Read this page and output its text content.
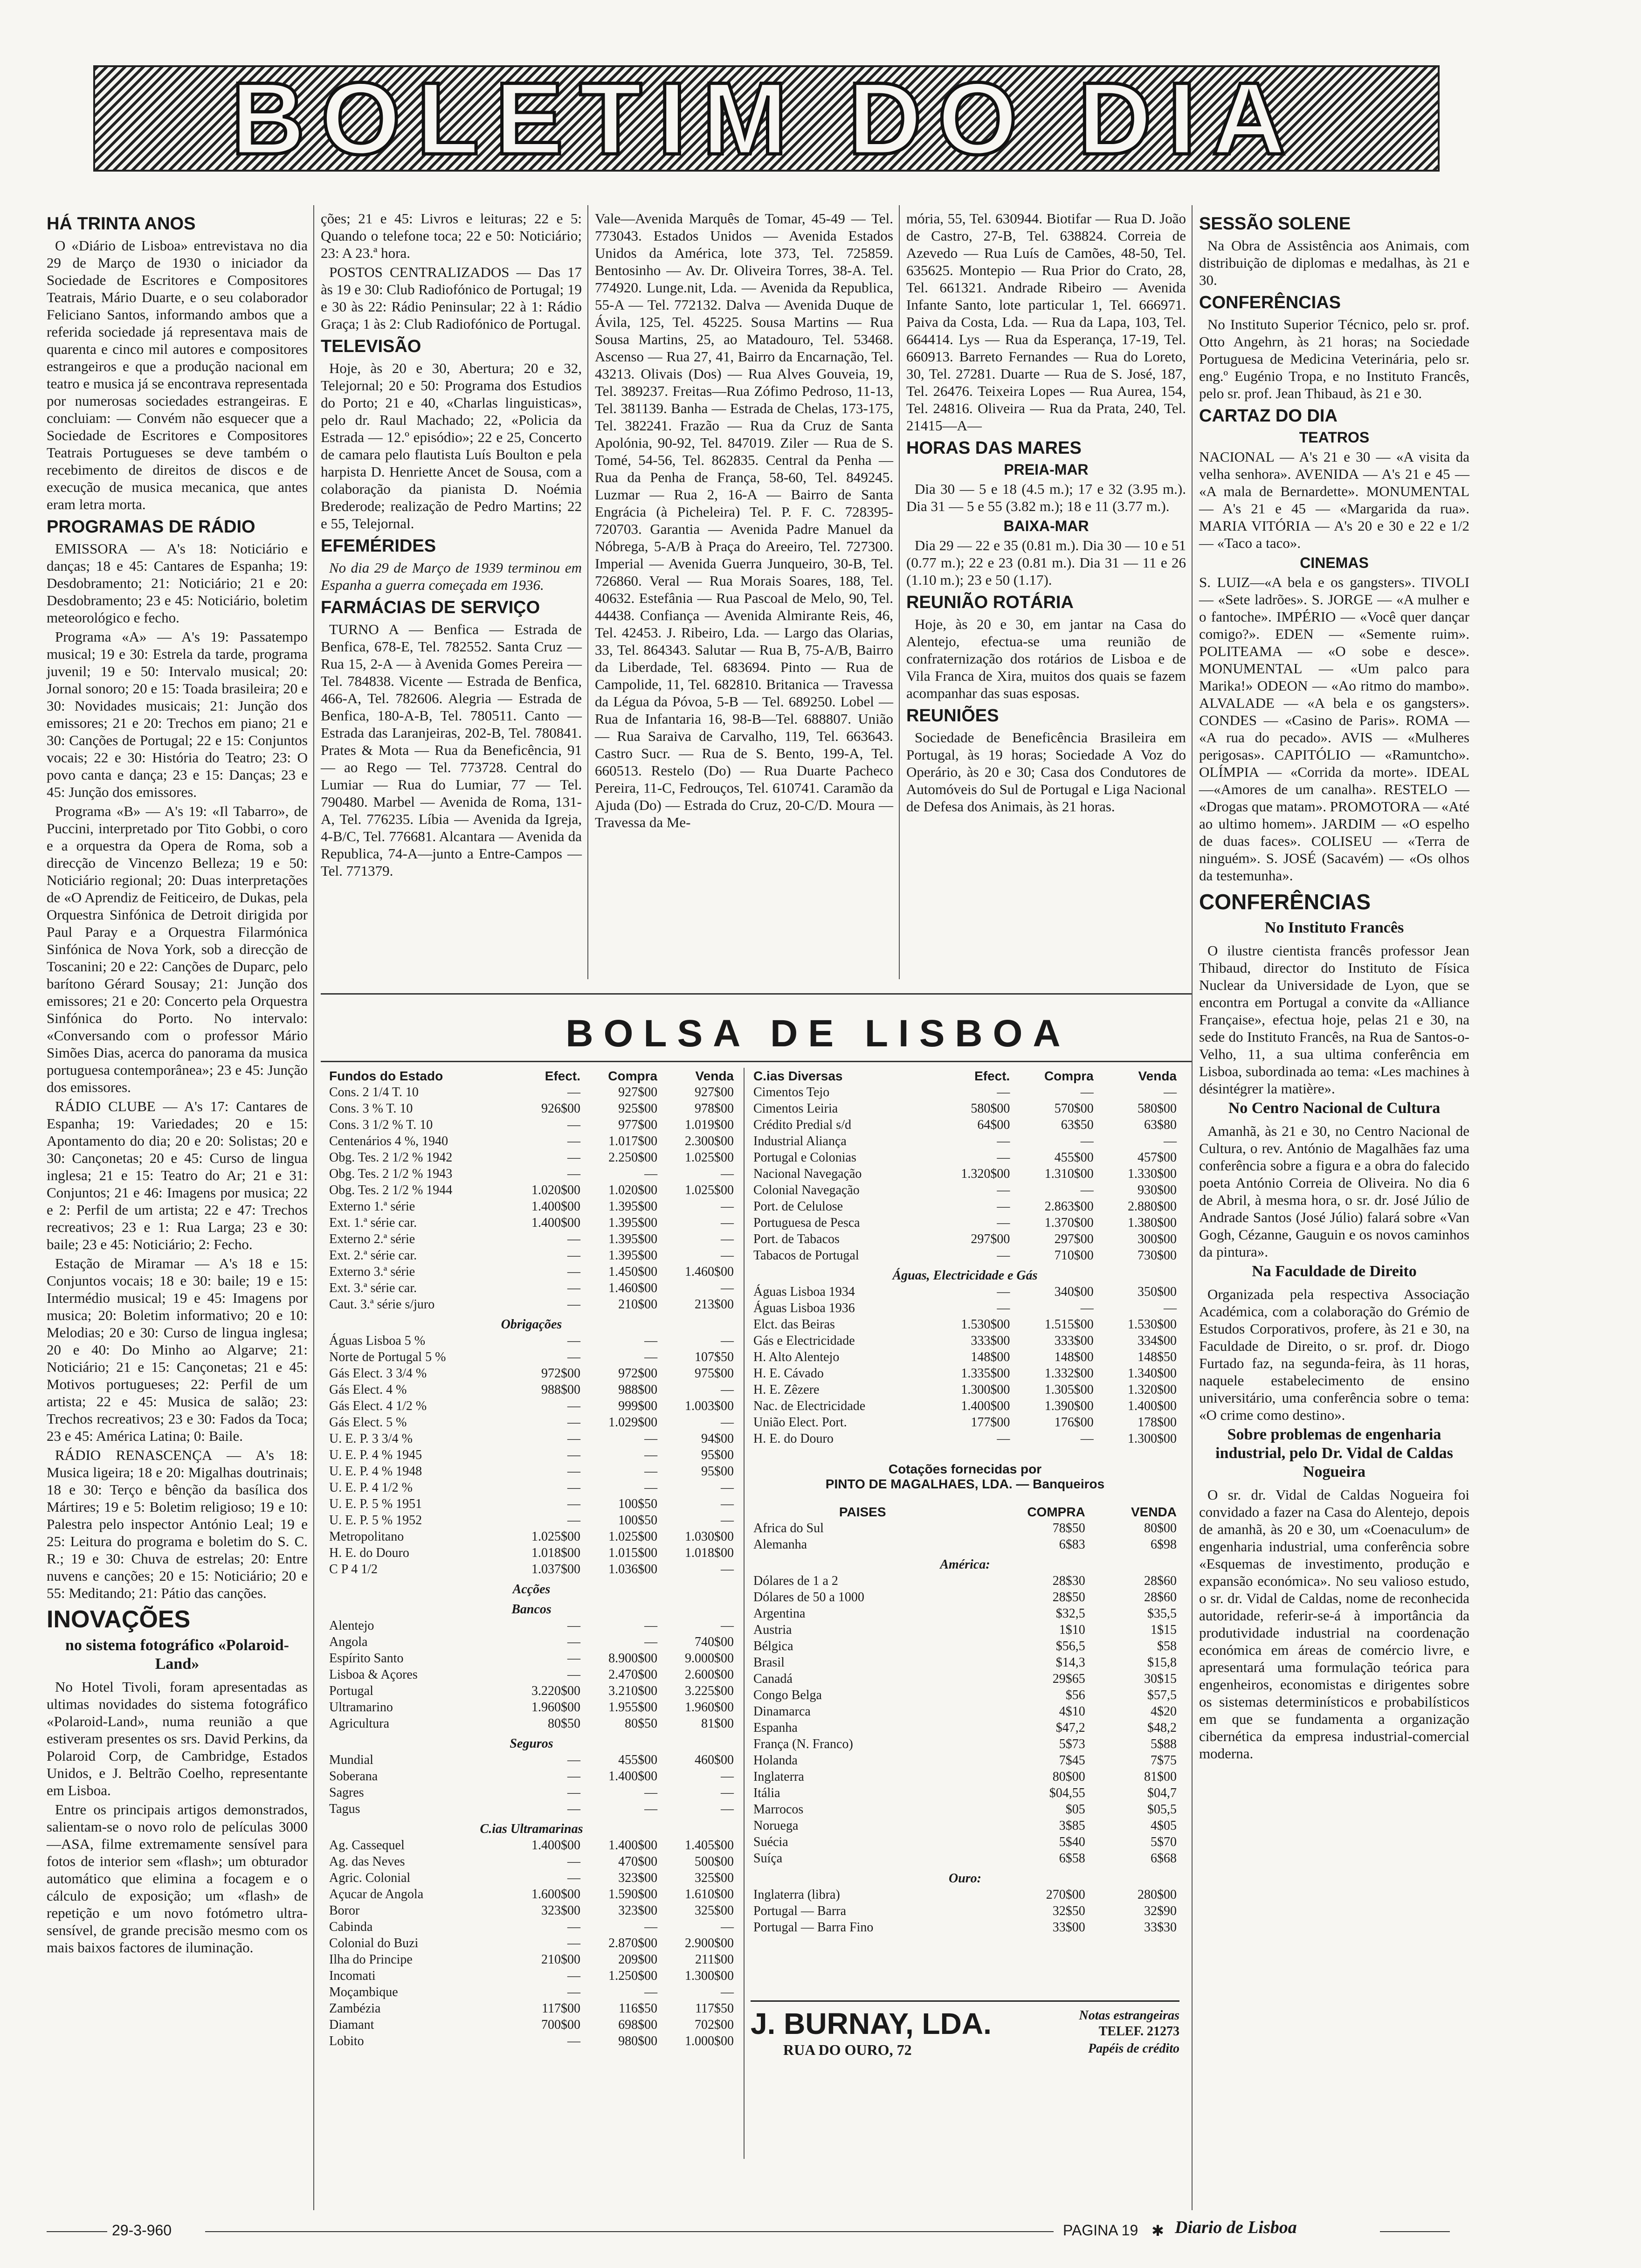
BOLETIM DO DIA
HÁ TRINTA ANOS

O «Diário de Lisboa» entrevistava no dia 29 de Março de 1930 o iniciador da Sociedade de Escritores e Compositores Teatrais, Mário Duarte, e o seu colaborador Feliciano Santos, informando ambos que a referida sociedade já representava mais de quarenta e cinco mil autores e compositores estrangeiros e que a produção nacional em teatro e musica já se encontrava representada por numerosas sociedades estrangeiras. E concluiam: — Convém não esquecer que a Sociedade de Escritores e Compositores Teatrais Portugueses se deve também o recebimento de direitos de discos e de execução de musica mecanica, que antes eram letra morta.

PROGRAMAS DE RÁDIO

EMISSORA — A's 18: Noticiário e danças; 18 e 45: Cantares de Espanha; 19: Desdobramento; 21: Noticiário; 21 e 20: Desdobramento; 23 e 45: Noticiário, boletim meteorológico e fecho.

Programa «A» — A's 19: Passatempo musical; 19 e 30: Estrela da tarde, programa juvenil; 19 e 50: Intervalo musical; 20: Jornal sonoro; 20 e 15: Toada brasileira; 20 e 30: Novidades musicais; 21: Junção dos emissores; 21 e 20: Trechos em piano; 21 e 30: Canções de Portugal; 22 e 15: Conjuntos vocais; 22 e 30: História do Teatro; 23: O povo canta e dança; 23 e 15: Danças; 23 e 45: Junção dos emissores.

Programa «B» — A's 19: «Il Tabarro», de Puccini, interpretado por Tito Gobbi, o coro e a orquestra da Opera de Roma, sob a direcção de Vincenzo Belleza; 19 e 50: Noticiário regional; 20: Duas interpretações de «O Aprendiz de Feiticeiro, de Dukas, pela Orquestra Sinfónica de Detroit dirigida por Paul Paray e a Orquestra Filarmónica Sinfónica de Nova York, sob a direcção de Toscanini; 20 e 22: Canções de Duparc, pelo barítono Gérard Sousay; 21: Junção dos emissores; 21 e 20: Concerto pela Orquestra Sinfónica do Porto. No intervalo: «Conversando com o professor Mário Simões Dias, acerca do panorama da musica portuguesa contemporânea»; 23 e 45: Junção dos emissores.

RÁDIO CLUBE — A's 17: Cantares de Espanha; 19: Variedades; 20 e 15: Apontamento do dia; 20 e 20: Solistas; 20 e 30: Cançonetas; 20 e 45: Curso de lingua inglesa; 21 e 15: Teatro do Ar; 21 e 31: Conjuntos; 21 e 46: Imagens por musica; 22 e 2: Perfil de um artista; 22 e 47: Trechos recreativos; 23 e 1: Rua Larga; 23 e 30: baile; 23 e 45: Noticiário; 2: Fecho.

Estação de Miramar — A's 18 e 15: Conjuntos vocais; 18 e 30: baile; 19 e 15: Intermédio musical; 19 e 45: Imagens por musica; 20: Boletim informativo; 20 e 10: Melodias; 20 e 30: Curso de lingua inglesa; 20 e 40: Do Minho ao Algarve; 21: Noticiário; 21 e 15: Cançonetas; 21 e 45: Motivos portugueses; 22: Perfil de um artista; 22 e 45: Musica de salão; 23: Trechos recreativos; 23 e 30: Fados da Toca; 23 e 45: América Latina; 0: Baile.

RÁDIO RENASCENÇA — A's 18: Musica ligeira; 18 e 20: Migalhas doutrinais; 18 e 30: Terço e bênção da basílica dos Mártires; 19 e 5: Boletim religioso; 19 e 10: Palestra pelo inspector António Leal; 19 e 25: Leitura do programa e boletim do S. C. R.; 19 e 30: Chuva de estrelas; 20: Entre nuvens e canções; 20 e 15: Noticiário; 20 e 55: Meditando; 21: Pátio das canções.

INOVAÇÕES
no sistema fotográfico «Polaroid-Land»

No Hotel Tivoli, foram apresentadas as ultimas novidades do sistema fotográfico «Polaroid-Land», numa reunião a que estiveram presentes os srs. David Perkins, da Polaroid Corp, de Cambridge, Estados Unidos, e J. Beltrão Coelho, representante em Lisboa.

Entre os principais artigos demonstrados, salientam-se o novo rolo de películas 3000—ASA, filme extremamente sensível para fotos de interior sem «flash»; um obturador automático que elimina a focagem e o cálculo de exposição; um «flash» de repetição e um novo fotómetro ultra-sensível, de grande precisão mesmo com os mais baixos factores de iluminação.

ções; 21 e 45: Livros e leituras; 22 e 5: Quando o telefone toca; 22 e 50: Noticiário; 23: A 23.ª hora.

POSTOS CENTRALIZADOS — Das 17 às 19 e 30: Club Radiofónico de Portugal; 19 e 30 às 22: Rádio Peninsular; 22 à 1: Rádio Graça; 1 às 2: Club Radiofónico de Portugal.

TELEVISÃO

Hoje, às 20 e 30, Abertura; 20 e 32, Telejornal; 20 e 50: Programa dos Estudios do Porto; 21 e 40, «Charlas linguisticas», pelo dr. Raul Machado; 22, «Policia da Estrada — 12.º episódio»; 22 e 25, Concerto de camara pelo flautista Luís Boulton e pela harpista D. Henriette Ancet de Sousa, com a colaboração da pianista D. Noémia Brederode; realização de Pedro Martins; 22 e 55, Telejornal.

EFEMÉRIDES

No dia 29 de Março de 1939 terminou em Espanha a guerra começada em 1936.

FARMÁCIAS DE SERVIÇO

TURNO A — Benfica — Estrada de Benfica, 678-E, Tel. 782552. Santa Cruz — Rua 15, 2-A — à Avenida Gomes Pereira — Tel. 784838. Vicente — Estrada de Benfica, 466-A, Tel. 782606. Alegria — Estrada de Benfica, 180-A-B, Tel. 780511. Canto — Estrada das Laranjeiras, 202-B, Tel. 780841. Prates & Mota — Rua da Beneficência, 91 — ao Rego — Tel. 773728. Central do Lumiar — Rua do Lumiar, 77 — Tel. 790480. Marbel — Avenida de Roma, 131-A, Tel. 776235. Líbia — Avenida da Igreja, 4-B/C, Tel. 776681. Alcantara — Avenida da Republica, 74-A—junto a Entre-Campos — Tel. 771379.

Vale—Avenida Marquês de Tomar, 45-49 — Tel. 773043. Estados Unidos — Avenida Estados Unidos da América, lote 373, Tel. 725859. Bentosinho — Av. Dr. Oliveira Torres, 38-A. Tel. 774920. Lunge.nit, Lda. — Avenida da Republica, 55-A — Tel. 772132. Dalva — Avenida Duque de Ávila, 125, Tel. 45225. Sousa Martins — Rua Sousa Martins, 25, ao Matadouro, Tel. 53468. Ascenso — Rua 27, 41, Bairro da Encarnação, Tel. 43213. Olivais (Dos) — Rua Alves Gouveia, 19, Tel. 389237. Freitas—Rua Zófimo Pedroso, 11-13, Tel. 381139. Banha — Estrada de Chelas, 173-175, Tel. 382241. Frazão — Rua da Cruz de Santa Apolónia, 90-92, Tel. 847019. Ziler — Rua de S. Tomé, 54-56, Tel. 862835. Central da Penha — Rua da Penha de França, 58-60, Tel. 849245. Luzmar — Rua 2, 16-A — Bairro de Santa Engrácia (à Picheleira) Tel. P. F. C. 728395-720703. Garantia — Avenida Padre Manuel da Nóbrega, 5-A/B à Praça do Areeiro, Tel. 727300. Imperial — Avenida Guerra Junqueiro, 30-B, Tel. 726860. Veral — Rua Morais Soares, 188, Tel. 40632. Estefânia — Rua Pascoal de Melo, 90, Tel. 44438. Confiança — Avenida Almirante Reis, 46, Tel. 42453. J. Ribeiro, Lda. — Largo das Olarias, 33, Tel. 864343. Salutar — Rua B, 75-A/B, Bairro da Liberdade, Tel. 683694. Pinto — Rua de Campolide, 11, Tel. 682810. Britanica — Travessa da Légua da Póvoa, 5-B — Tel. 689250. Lobel — Rua de Infantaria 16, 98-B—Tel. 688807. União — Rua Saraiva de Carvalho, 119, Tel. 663643. Castro Sucr. — Rua de S. Bento, 199-A, Tel. 660513. Restelo (Do) — Rua Duarte Pacheco Pereira, 11-C, Fedrouços, Tel. 610741. Caramão da Ajuda (Do) — Estrada do Cruz, 20-C/D. Moura — Travessa da Me-

mória, 55, Tel. 630944. Biotifar — Rua D. João de Castro, 27-B, Tel. 638824. Correia de Azevedo — Rua Luís de Camões, 48-50, Tel. 635625. Montepio — Rua Prior do Crato, 28, Tel. 661321. Andrade Ribeiro — Avenida Infante Santo, lote particular 1, Tel. 666971. Paiva da Costa, Lda. — Rua da Lapa, 103, Tel. 664414. Lys — Rua da Esperança, 17-19, Tel. 660913. Barreto Fernandes — Rua do Loreto, 30, Tel. 27281. Duarte — Rua de S. José, 187, Tel. 26476. Teixeira Lopes — Rua Aurea, 154, Tel. 24816. Oliveira — Rua da Prata, 240, Tel. 21415—A—

HORAS DAS MARES
PREIA-MAR

Dia 30 — 5 e 18 (4.5 m.); 17 e 32 (3.95 m.). Dia 31 — 5 e 55 (3.82 m.); 18 e 11 (3.77 m.).

BAIXA-MAR

Dia 29 — 22 e 35 (0.81 m.). Dia 30 — 10 e 51 (0.77 m.); 22 e 23 (0.81 m.). Dia 31 — 11 e 26 (1.10 m.); 23 e 50 (1.17).

REUNIÃO ROTÁRIA

Hoje, às 20 e 30, em jantar na Casa do Alentejo, efectua-se uma reunião de confraternização dos rotários de Lisboa e de Vila Franca de Xira, muitos dos quais se fazem acompanhar das suas esposas.

REUNIÕES

Sociedade de Beneficência Brasileira em Portugal, às 19 horas; Sociedade A Voz do Operário, às 20 e 30; Casa dos Condutores de Automóveis do Sul de Portugal e Liga Nacional de Defesa dos Animais, às 21 horas.

SESSÃO SOLENE

Na Obra de Assistência aos Animais, com distribuição de diplomas e medalhas, às 21 e 30.

CONFERÊNCIAS

No Instituto Superior Técnico, pelo sr. prof. Otto Angehrn, às 21 horas; na Sociedade Portuguesa de Medicina Veterinária, pelo sr. eng.º Eugénio Tropa, e no Instituto Francês, pelo sr. prof. Jean Thibaud, às 21 e 30.

CARTAZ DO DIA
TEATROS

NACIONAL — A's 21 e 30 — «A visita da velha senhora». AVENIDA — A's 21 e 45 — «A mala de Bernardette». MONUMENTAL — A's 21 e 45 — «Margarida da rua». MARIA VITÓRIA — A's 20 e 30 e 22 e 1/2 — «Taco a taco».

CINEMAS

S. LUIZ—«A bela e os gangsters». TIVOLI — «Sete ladrões». S. JORGE — «A mulher e o fantoche». IMPÉRIO — «Você quer dançar comigo?». EDEN — «Semente ruim». POLITEAMA — «O sobe e desce». MONUMENTAL — «Um palco para Marika!» ODEON — «Ao ritmo do mambo». ALVALADE — «A bela e os gangsters». CONDES — «Casino de Paris». ROMA — «A rua do pecado». AVIS — «Mulheres perigosas». CAPITÓLIO — «Ramuntcho». OLÍMPIA — «Corrida da morte». IDEAL—«Amores de um canalha». RESTELO — «Drogas que matam». PROMOTORA — «Até ao ultimo homem». JARDIM — «O espelho de duas faces». COLISEU — «Terra de ninguém». S. JOSÉ (Sacavém) — «Os olhos da testemunha».

CONFERÊNCIAS
No Instituto Francês

O ilustre cientista francês professor Jean Thibaud, director do Instituto de Física Nuclear da Universidade de Lyon, que se encontra em Portugal a convite da «Alliance Française», efectua hoje, pelas 21 e 30, na sede do Instituto Francês, na Rua de Santos-o-Velho, 11, a sua ultima conferência em Lisboa, subordinada ao tema: «Les machines à désintégrer la matière».

No Centro Nacional de Cultura

Amanhã, às 21 e 30, no Centro Nacional de Cultura, o rev. António de Magalhães faz uma conferência sobre a figura e a obra do falecido poeta António Correia de Oliveira. No dia 6 de Abril, à mesma hora, o sr. dr. José Júlio de Andrade Santos (José Júlio) falará sobre «Van Gogh, Cézanne, Gauguin e os novos caminhos da pintura».

Na Faculdade de Direito

Organizada pela respectiva Associação Académica, com a colaboração do Grémio de Estudos Corporativos, profere, às 21 e 30, na Faculdade de Direito, o sr. prof. dr. Diogo Furtado faz, na segunda-feira, às 11 horas, naquele estabelecimento de ensino universitário, uma conferência sobre o tema: «O crime como destino».

Sobre problemas de engenharia industrial, pelo Dr. Vidal de Caldas Nogueira

O sr. dr. Vidal de Caldas Nogueira foi convidado a fazer na Casa do Alentejo, depois de amanhã, às 20 e 30, um «Coenaculum» de engenharia industrial, uma conferência sobre «Esquemas de investimento, produção e expansão económica». No seu valioso estudo, o sr. dr. Vidal de Caldas, nome de reconhecida autoridade, referir-se-á à importância da produtividade industrial na coordenação económica em áreas de comércio livre, e apresentará uma formulação teórica para engenheiros, economistas e dirigentes sobre os sistemas determinísticos e probabilísticos em que se fundamenta a organização cibernética da empresa industrial-comercial moderna.

BOLSA DE LISBOA
Fundos do Estado	Efect.	Compra	Venda
Cons. 2 1/4 T. 10	—	927$00	927$00
Cons. 3 % T. 10	926$00	925$00	978$00
Cons. 3 1/2 % T. 10	—	977$00	1.019$00
Centenários 4 %, 1940	—	1.017$00	2.300$00
Obg. Tes. 2 1/2 % 1942	—	2.250$00	1.025$00
Obg. Tes. 2 1/2 % 1943	—	—	—
Obg. Tes. 2 1/2 % 1944	1.020$00	1.020$00	1.025$00
Externo 1.ª série	1.400$00	1.395$00	—
Ext. 1.ª série car.	1.400$00	1.395$00	—
Externo 2.ª série	—	1.395$00	—
Ext. 2.ª série car.	—	1.395$00	—
Externo 3.ª série	—	1.450$00	1.460$00
Ext. 3.ª série car.	—	1.460$00	—
Caut. 3.ª série s/juro	—	210$00	213$00
Obrigações			
Águas Lisboa 5 %	—	—	—
Norte de Portugal 5 %	—	—	107$50
Gás Elect. 3 3/4 %	972$00	972$00	975$00
Gás Elect. 4 %	988$00	988$00	—
Gás Elect. 4 1/2 %	—	999$00	1.003$00
Gás Elect. 5 %	—	1.029$00	—
U. E. P. 3 3/4 %	—	—	94$00
U. E. P. 4 % 1945	—	—	95$00
U. E. P. 4 % 1948	—	—	95$00
U. E. P. 4 1/2 %	—	—	—
U. E. P. 5 % 1951	—	100$50	—
U. E. P. 5 % 1952	—	100$50	—
Metropolitano	1.025$00	1.025$00	1.030$00
H. E. do Douro	1.018$00	1.015$00	1.018$00
C P 4 1/2	1.037$00	1.036$00	—
Acções			
Bancos			
Alentejo	—	—	—
Angola	—	—	740$00
Espírito Santo	—	8.900$00	9.000$00
Lisboa & Açores	—	2.470$00	2.600$00
Portugal	3.220$00	3.210$00	3.225$00
Ultramarino	1.960$00	1.955$00	1.960$00
Agricultura	80$50	80$50	81$00
Seguros			
Mundial	—	455$00	460$00
Soberana	—	1.400$00	—
Sagres	—	—	—
Tagus	—	—	—
C.ias Ultramarinas			
Ag. Cassequel	1.400$00	1.400$00	1.405$00
Ag. das Neves	—	470$00	500$00
Agric. Colonial	—	323$00	325$00
Açucar de Angola	1.600$00	1.590$00	1.610$00
Boror	323$00	323$00	325$00
Cabinda	—	—	—
Colonial do Buzi	—	2.870$00	2.900$00
Ilha do Principe	210$00	209$00	211$00
Incomati	—	1.250$00	1.300$00
Moçambique	—	—	—
Zambézia	117$00	116$50	117$50
Diamant	700$00	698$00	702$00
Lobito	—	980$00	1.000$00
C.ias Diversas	Efect.	Compra	Venda
Cimentos Tejo	—	—	—
Cimentos Leiria	580$00	570$00	580$00
Crédito Predial s/d	64$00	63$50	63$80
Industrial Aliança	—	—	—
Portugal e Colonias	—	455$00	457$00
Nacional Navegação	1.320$00	1.310$00	1.330$00
Colonial Navegação	—	—	930$00
Port. de Celulose	—	2.863$00	2.880$00
Portuguesa de Pesca	—	1.370$00	1.380$00
Port. de Tabacos	297$00	297$00	300$00
Tabacos de Portugal	—	710$00	730$00
Águas, Electricidade e Gás			
Águas Lisboa 1934	—	340$00	350$00
Águas Lisboa 1936	—	—	—
Elct. das Beiras	1.530$00	1.515$00	1.530$00
Gás e Electricidade	333$00	333$00	334$00
H. Alto Alentejo	148$00	148$00	148$50
H. E. Cávado	1.335$00	1.332$00	1.340$00
H. E. Zêzere	1.300$00	1.305$00	1.320$00
Nac. de Electricidade	1.400$00	1.390$00	1.400$00
União Elect. Port.	177$00	176$00	178$00
H. E. do Douro	—	—	1.300$00
Cotações fornecidas por
PINTO DE MAGALHAES, LDA. — Banqueiros
PAISES	COMPRA	VENDA
Africa do Sul	78$50	80$00
Alemanha	6$83	6$98
América:		
Dólares de 1 a 2	28$30	28$60
Dólares de 50 a 1000	28$50	28$60
Argentina	$32,5	$35,5
Austria	1$10	1$15
Bélgica	$56,5	$58
Brasil	$14,3	$15,8
Canadá	29$65	30$15
Congo Belga	$56	$57,5
Dinamarca	4$10	4$20
Espanha	$47,2	$48,2
França (N. Franco)	5$73	5$88
Holanda	7$45	7$75
Inglaterra	80$00	81$00
Itália	$04,55	$04,7
Marrocos	$05	$05,5
Noruega	3$85	4$05
Suécia	5$40	5$70
Suíça	6$58	6$68
Ouro:		
Inglaterra (libra)	270$00	280$00
Portugal — Barra	32$50	32$90
Portugal — Barra Fino	33$00	33$30
J. BURNAY, LDA.
RUA DO OURO, 72
Notas estrangeiras
TELEF. 21273
Papéis de crédito
29-3-960	PAGINA 19 ✱ Diario de Lisboa
